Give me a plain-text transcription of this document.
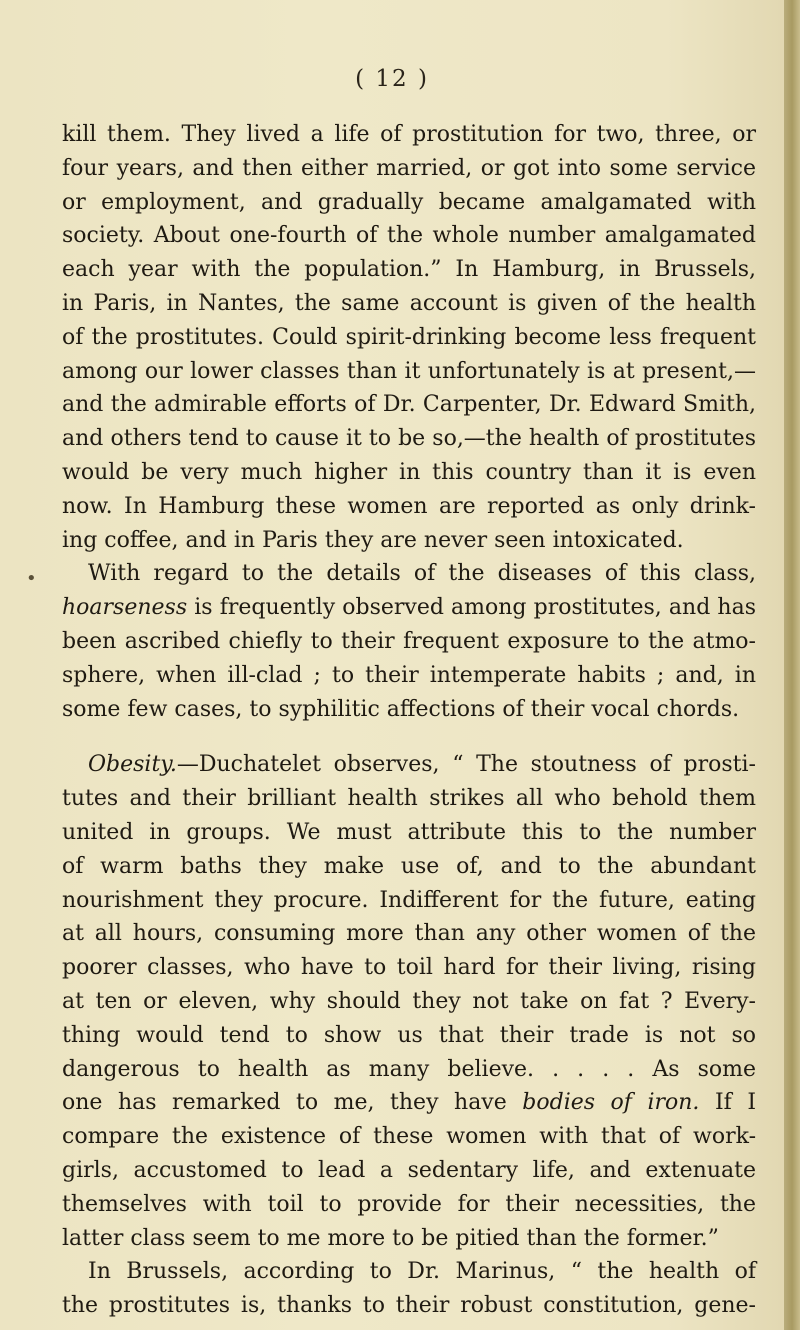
( 12 )
•
kill them. They lived a life of prostitution for two, three, or
four years, and then either married, or got into some service
or employment, and gradually became amalgamated with
society. About one-fourth of the whole number amalgamated
each year with the population.” In Hamburg, in Brussels,
in Paris, in Nantes, the same account is given of the health
of the prostitutes. Could spirit-drinking become less frequent
among our lower classes than it unfortunately is at present,—
and the admirable efforts of Dr. Carpenter, Dr. Edward Smith,
and others tend to cause it to be so,—the health of prostitutes
would be very much higher in this country than it is even
now. In Hamburg these women are reported as only drink-
ing coffee, and in Paris they are never seen intoxicated.
With regard to the details of the diseases of this class,
hoarseness is frequently observed among prostitutes, and has
been ascribed chiefly to their frequent exposure to the atmo-
sphere, when ill-clad ; to their intemperate habits ; and, in
some few cases, to syphilitic affections of their vocal chords.
Obesity.—Duchatelet observes, “ The stoutness of prosti-
tutes and their brilliant health strikes all who behold them
united in groups. We must attribute this to the number
of warm baths they make use of, and to the abundant
nourishment they procure. Indifferent for the future, eating
at all hours, consuming more than any other women of the
poorer classes, who have to toil hard for their living, rising
at ten or eleven, why should they not take on fat ? Every-
thing would tend to show us that their trade is not so
dangerous to health as many believe. . . . . As some
one has remarked to me, they have bodies of iron. If I
compare the existence of these women with that of work-
girls, accustomed to lead a sedentary life, and extenuate
themselves with toil to provide for their necessities, the
latter class seem to me more to be pitied than the former.”
In Brussels, according to Dr. Marinus, “ the health of
the prostitutes is, thanks to their robust constitution, gene-
